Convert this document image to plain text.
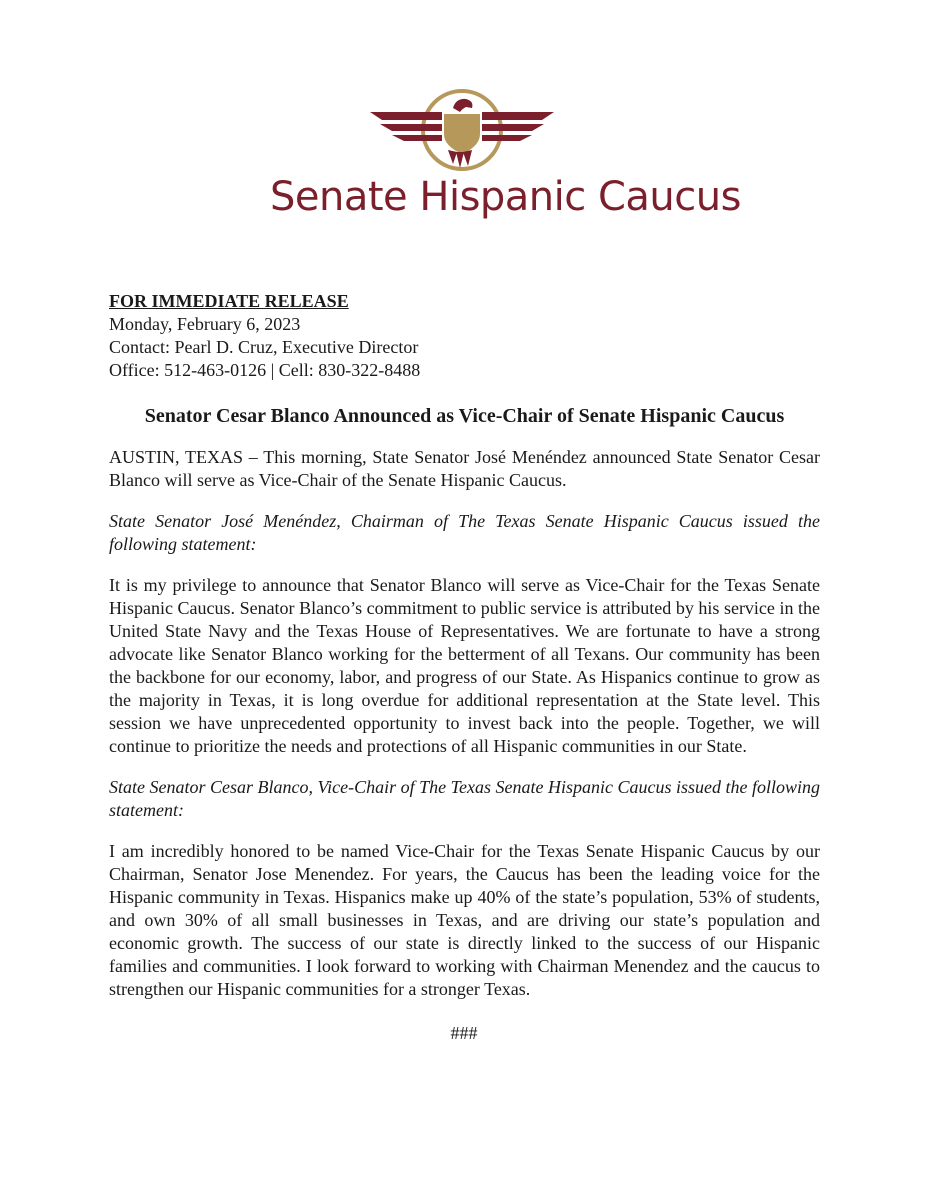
Senate Hispanic Caucus
FOR IMMEDIATE RELEASE
Monday, February 6, 2023
Contact: Pearl D. Cruz, Executive Director
Office: 512-463-0126 | Cell: 830-322-8488
Senator Cesar Blanco Announced as Vice-Chair of Senate Hispanic Caucus

AUSTIN, TEXAS – This morning, State Senator José Menéndez announced State Senator Cesar Blanco will serve as Vice-Chair of the Senate Hispanic Caucus.

State Senator José Menéndez, Chairman of The Texas Senate Hispanic Caucus issued the following statement:

It is my privilege to announce that Senator Blanco will serve as Vice-Chair for the Texas Senate Hispanic Caucus. Senator Blanco’s commitment to public service is attributed by his service in the United State Navy and the Texas House of Representatives. We are fortunate to have a strong advocate like Senator Blanco working for the betterment of all Texans. Our community has been the backbone for our economy, labor, and progress of our State. As Hispanics continue to grow as the majority in Texas, it is long overdue for additional representation at the State level. This session we have unprecedented opportunity to invest back into the people. Together, we will continue to prioritize the needs and protections of all Hispanic communities in our State.

State Senator Cesar Blanco, Vice-Chair of The Texas Senate Hispanic Caucus issued the following statement:

I am incredibly honored to be named Vice-Chair for the Texas Senate Hispanic Caucus by our Chairman, Senator Jose Menendez. For years, the Caucus has been the leading voice for the Hispanic community in Texas. Hispanics make up 40% of the state’s population, 53% of students, and own 30% of all small businesses in Texas, and are driving our state’s population and economic growth. The success of our state is directly linked to the success of our Hispanic families and communities. I look forward to working with Chairman Menendez and the caucus to strengthen our Hispanic communities for a stronger Texas.

###
